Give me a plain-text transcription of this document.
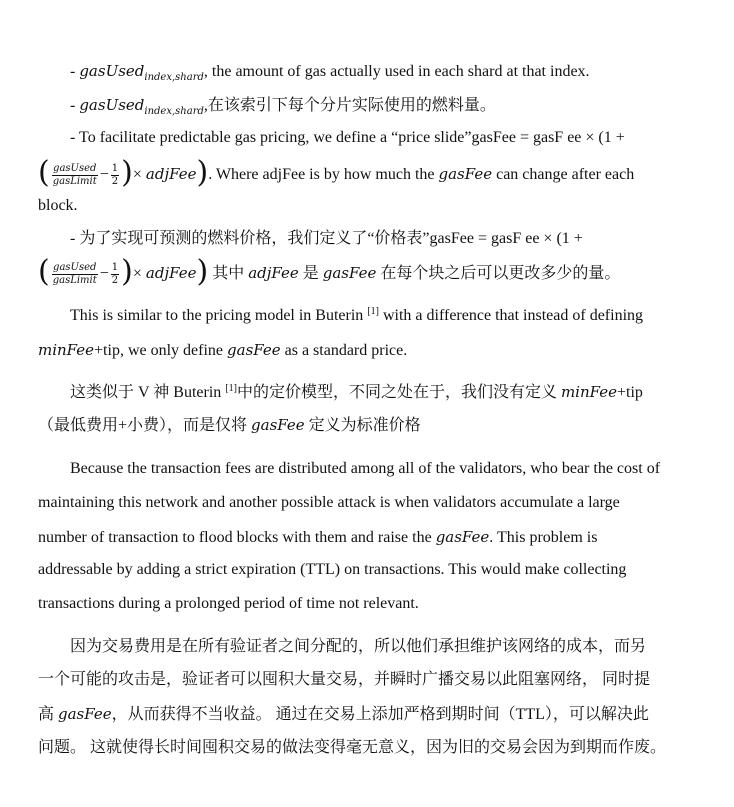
- gasUsed$_{index,shard}$, the amount of gas actually used in each shard at that index.
- gasUsed$_{index,shard}$,在该索引下每个分片实际使用的燃料量。
- To facilitate predictable gas pricing, we define a “price slide”gasFee = gasF ee × (1 +
( $\frac{\text{gasUsed}}{\text{gasLimit}} - \frac{1}{2}$ )× adjFee). Where adjFee is by how much the gasFee can change after each
block.
- 为了实现可预测的燃料价格，我们定义了“价格表”gasFee = gasF ee × (1 +
( $\frac{\text{gasUsed}}{\text{gasLimit}} - \frac{1}{2}$ )× adjFee) 其中 adjFee 是 gasFee 在每个块之后可以更改多少的量。
This is similar to the pricing model in Buterin [1] with a difference that instead of defining
minFee+tip, we only define gasFee as a standard price.
这类似于 V 神 Buterin [1]中的定价模型，不同之处在于，我们没有定义 minFee+tip
（最低费用+小费），而是仅将 gasFee 定义为标准价格
Because the transaction fees are distributed among all of the validators, who bear the cost of
maintaining this network and another possible attack is when validators accumulate a large
number of transaction to flood blocks with them and raise the gasFee. This problem is
addressable by adding a strict expiration (TTL) on transactions. This would make collecting
transactions during a prolonged period of time not relevant.
因为交易费用是在所有验证者之间分配的，所以他们承担维护该网络的成本，而另
一个可能的攻击是，验证者可以囤积大量交易，并瞬时广播交易以此阻塞网络， 同时提
高 gasFee，从而获得不当收益。 通过在交易上添加严格到期时间（TTL），可以解决此
问题。 这就使得长时间囤积交易的做法变得毫无意义，因为旧的交易会因为到期而作废。
